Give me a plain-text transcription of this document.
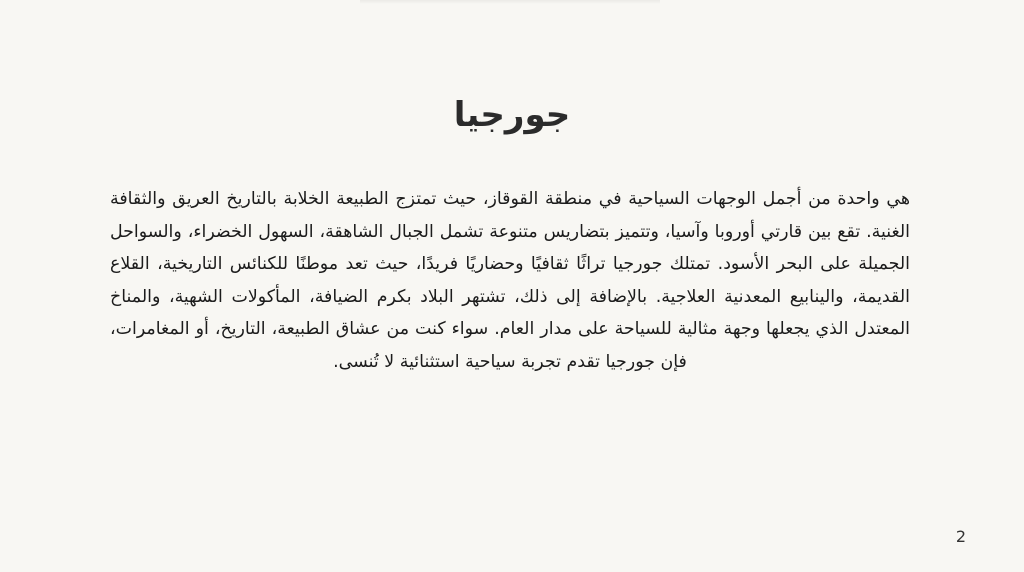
جورجيا
هي واحدة من أجمل الوجهات السياحية في منطقة القوقاز، حيث تمتزج الطبيعة الخلابة بالتاريخ العريق والثقافة الغنية. تقع بين قارتي أوروبا وآسيا، وتتميز بتضاريس متنوعة تشمل الجبال الشاهقة، السهول الخضراء، والسواحل الجميلة على البحر الأسود. تمتلك جورجيا تراثًا ثقافيًا وحضاريًا فريدًا، حيث تعد موطنًا للكنائس التاريخية، القلاع القديمة، والينابيع المعدنية العلاجية. بالإضافة إلى ذلك، تشتهر البلاد بكرم الضيافة، المأكولات الشهية، والمناخ المعتدل الذي يجعلها وجهة مثالية للسياحة على مدار العام. سواء كنت من عشاق الطبيعة، التاريخ، أو المغامرات، فإن جورجيا تقدم تجربة سياحية استثنائية لا تُنسى.
2
